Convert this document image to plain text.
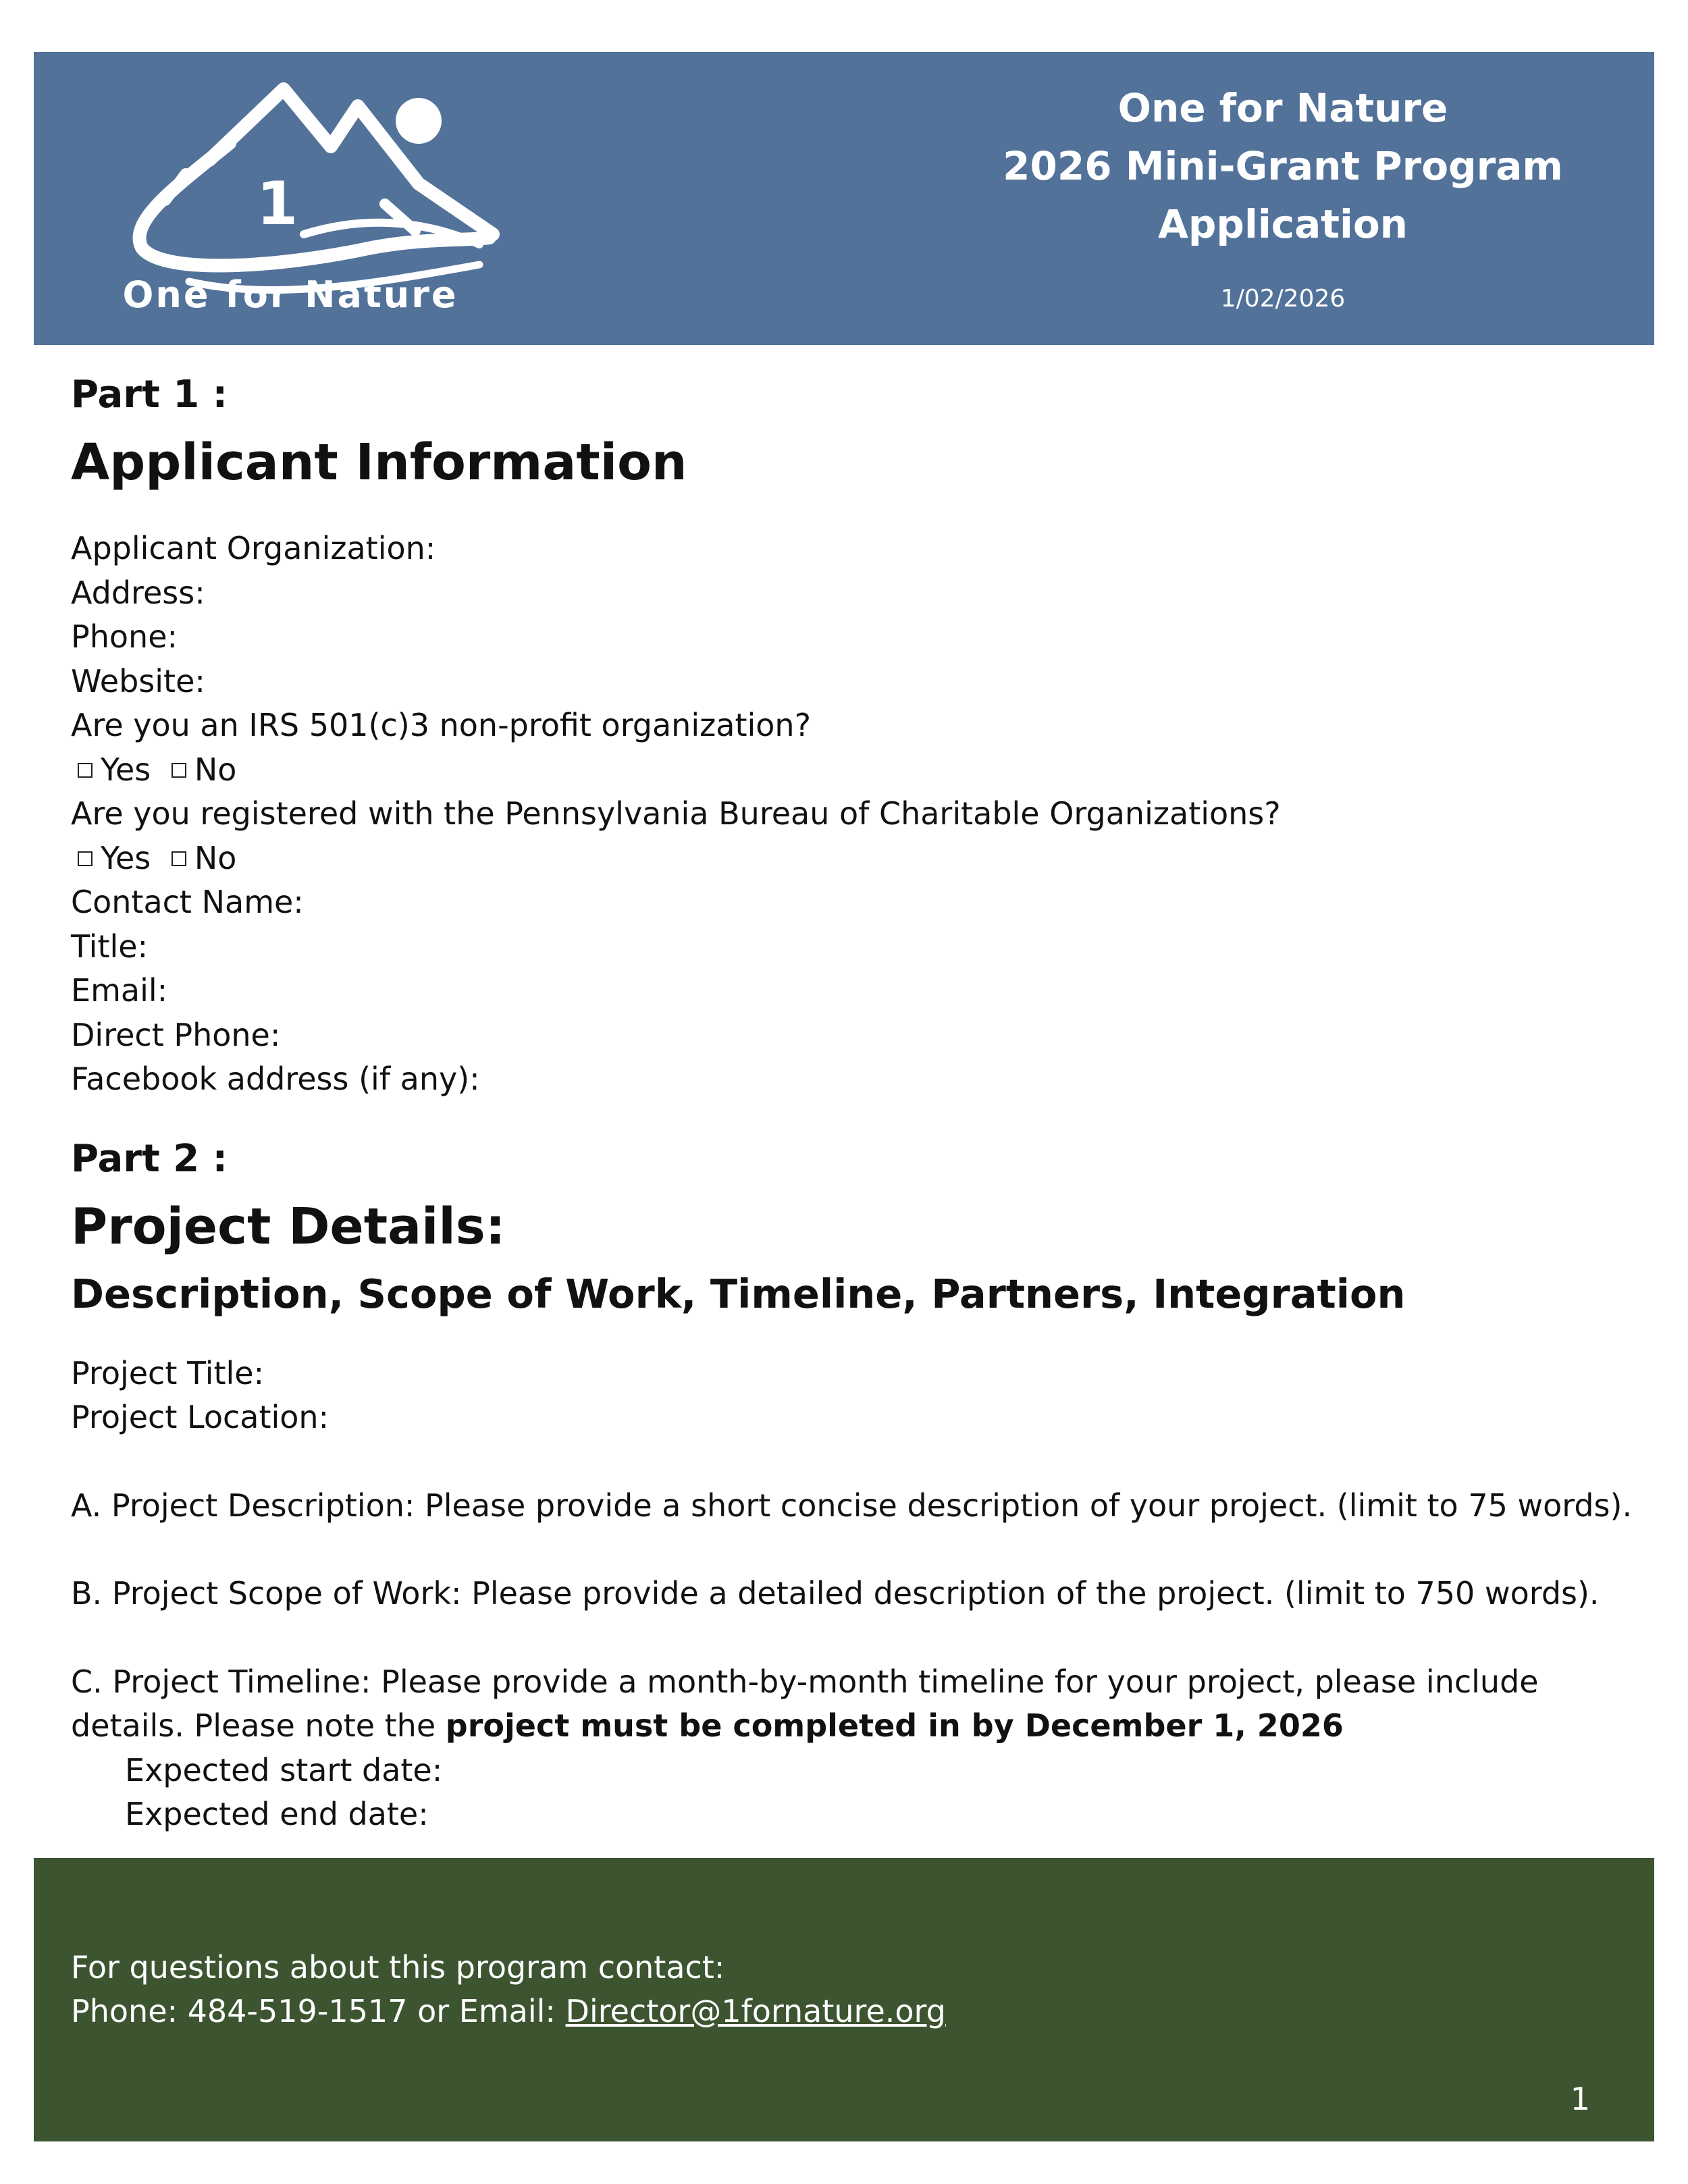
1
One for Nature
One for Nature
2026 Mini-Grant Program
Application
1/02/2026
Part 1 :
Applicant Information
Applicant Organization:
Address:
Phone:
Website:
Are you an IRS 501(c)3 non-profit organization?
Yes No
Are you registered with the Pennsylvania Bureau of Charitable Organizations?
Yes No
Contact Name:
Title:
Email:
Direct Phone:
Facebook address (if any):
Part 2 :
Project Details:
Description, Scope of Work, Timeline, Partners, Integration
Project Title:
Project Location:
A. Project Description: Please provide a short concise description of your project. (limit to 75 words).
B. Project Scope of Work: Please provide a detailed description of the project. (limit to 750 words).
C. Project Timeline: Please provide a month-by-month timeline for your project, please include
details. Please note the project must be completed in by December 1, 2026
Expected start date:
Expected end date:
For questions about this program contact:
Phone: 484-519-1517 or Email: Director@1fornature.org
1
